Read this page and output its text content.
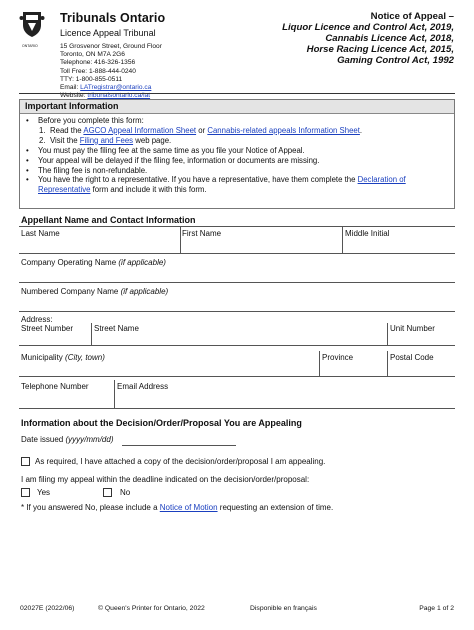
ONTARIO
Tribunals Ontario
Licence Appeal Tribunal
15 Grosvenor Street, Ground Floor
Toronto, ON M7A 2G6
Telephone: 416-326-1356
Toll Free: 1-888-444-0240
TTY: 1-800-855-0511
Email: LATregistrar@ontario.ca
Website: tribunalsontario.ca/lat
Notice of Appeal –
Liquor Licence and Control Act, 2019,
Cannabis Licence Act, 2018,
Horse Racing Licence Act, 2015,
Gaming Control Act, 1992
Important Information
• Before you complete this form:
1. Read the AGCO Appeal Information Sheet or Cannabis-related appeals Information Sheet.
2. Visit the Filing and Fees web page.
• You must pay the filing fee at the same time as you file your Notice of Appeal.
• Your appeal will be delayed if the filing fee, information or documents are missing.
• The filing fee is non-refundable.
• You have the right to a representative. If you have a representative, have them complete the Declaration of Representative form and include it with this form.
Appellant Name and Contact Information
Last Name	First Name	Middle Initial
Company Operating Name (if applicable)
Numbered Company Name (if applicable)
Address:
Street Number	Street Name	Unit Number
Municipality (City, town)	Province	Postal Code
Telephone Number	Email Address
Information about the Decision/Order/Proposal You are Appealing
Date issued (yyyy/mm/dd)
As required, I have attached a copy of the decision/order/proposal I am appealing.
I am filing my appeal within the deadline indicated on the decision/order/proposal:
Yes	No
* If you answered No, please include a Notice of Motion requesting an extension of time.
02027E (2022/06)	© Queen's Printer for Ontario, 2022	Disponible en français	Page 1 of 2
